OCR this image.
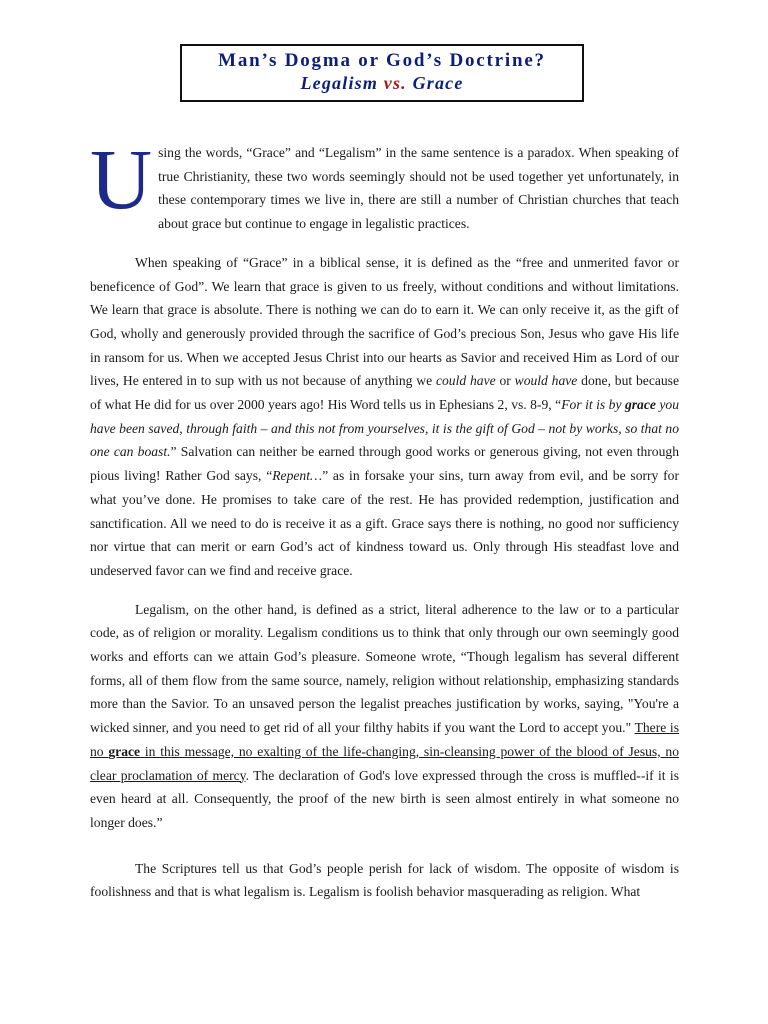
Man’s Dogma or God’s Doctrine?
Legalism vs. Grace

Using the words, “Grace” and “Legalism” in the same sentence is a paradox. When speaking of true Christianity, these two words seemingly should not be used together yet unfortunately, in these contemporary times we live in, there are still a number of Christian churches that teach about grace but continue to engage in legalistic practices.

When speaking of “Grace” in a biblical sense, it is defined as the “free and unmerited favor or beneficence of God”. We learn that grace is given to us freely, without conditions and without limitations. We learn that grace is absolute. There is nothing we can do to earn it. We can only receive it, as the gift of God, wholly and generously provided through the sacrifice of God’s precious Son, Jesus who gave His life in ransom for us. When we accepted Jesus Christ into our hearts as Savior and received Him as Lord of our lives, He entered in to sup with us not because of anything we could have or would have done, but because of what He did for us over 2000 years ago! His Word tells us in Ephesians 2, vs. 8-9, “For it is by grace you have been saved, through faith – and this not from yourselves, it is the gift of God – not by works, so that no one can boast.” Salvation can neither be earned through good works or generous giving, not even through pious living! Rather God says, “Repent…” as in forsake your sins, turn away from evil, and be sorry for what you’ve done. He promises to take care of the rest. He has provided redemption, justification and sanctification. All we need to do is receive it as a gift. Grace says there is nothing, no good nor sufficiency nor virtue that can merit or earn God’s act of kindness toward us. Only through His steadfast love and undeserved favor can we find and receive grace.

Legalism, on the other hand, is defined as a strict, literal adherence to the law or to a particular code, as of religion or morality. Legalism conditions us to think that only through our own seemingly good works and efforts can we attain God’s pleasure. Someone wrote, “Though legalism has several different forms, all of them flow from the same source, namely, religion without relationship, emphasizing standards more than the Savior. To an unsaved person the legalist preaches justification by works, saying, "You're a wicked sinner, and you need to get rid of all your filthy habits if you want the Lord to accept you." There is no grace in this message, no exalting of the life-changing, sin-cleansing power of the blood of Jesus, no clear proclamation of mercy. The declaration of God's love expressed through the cross is muffled--if it is even heard at all. Consequently, the proof of the new birth is seen almost entirely in what someone no longer does.”

The Scriptures tell us that God’s people perish for lack of wisdom. The opposite of wisdom is foolishness and that is what legalism is. Legalism is foolish behavior masquerading as religion. What
